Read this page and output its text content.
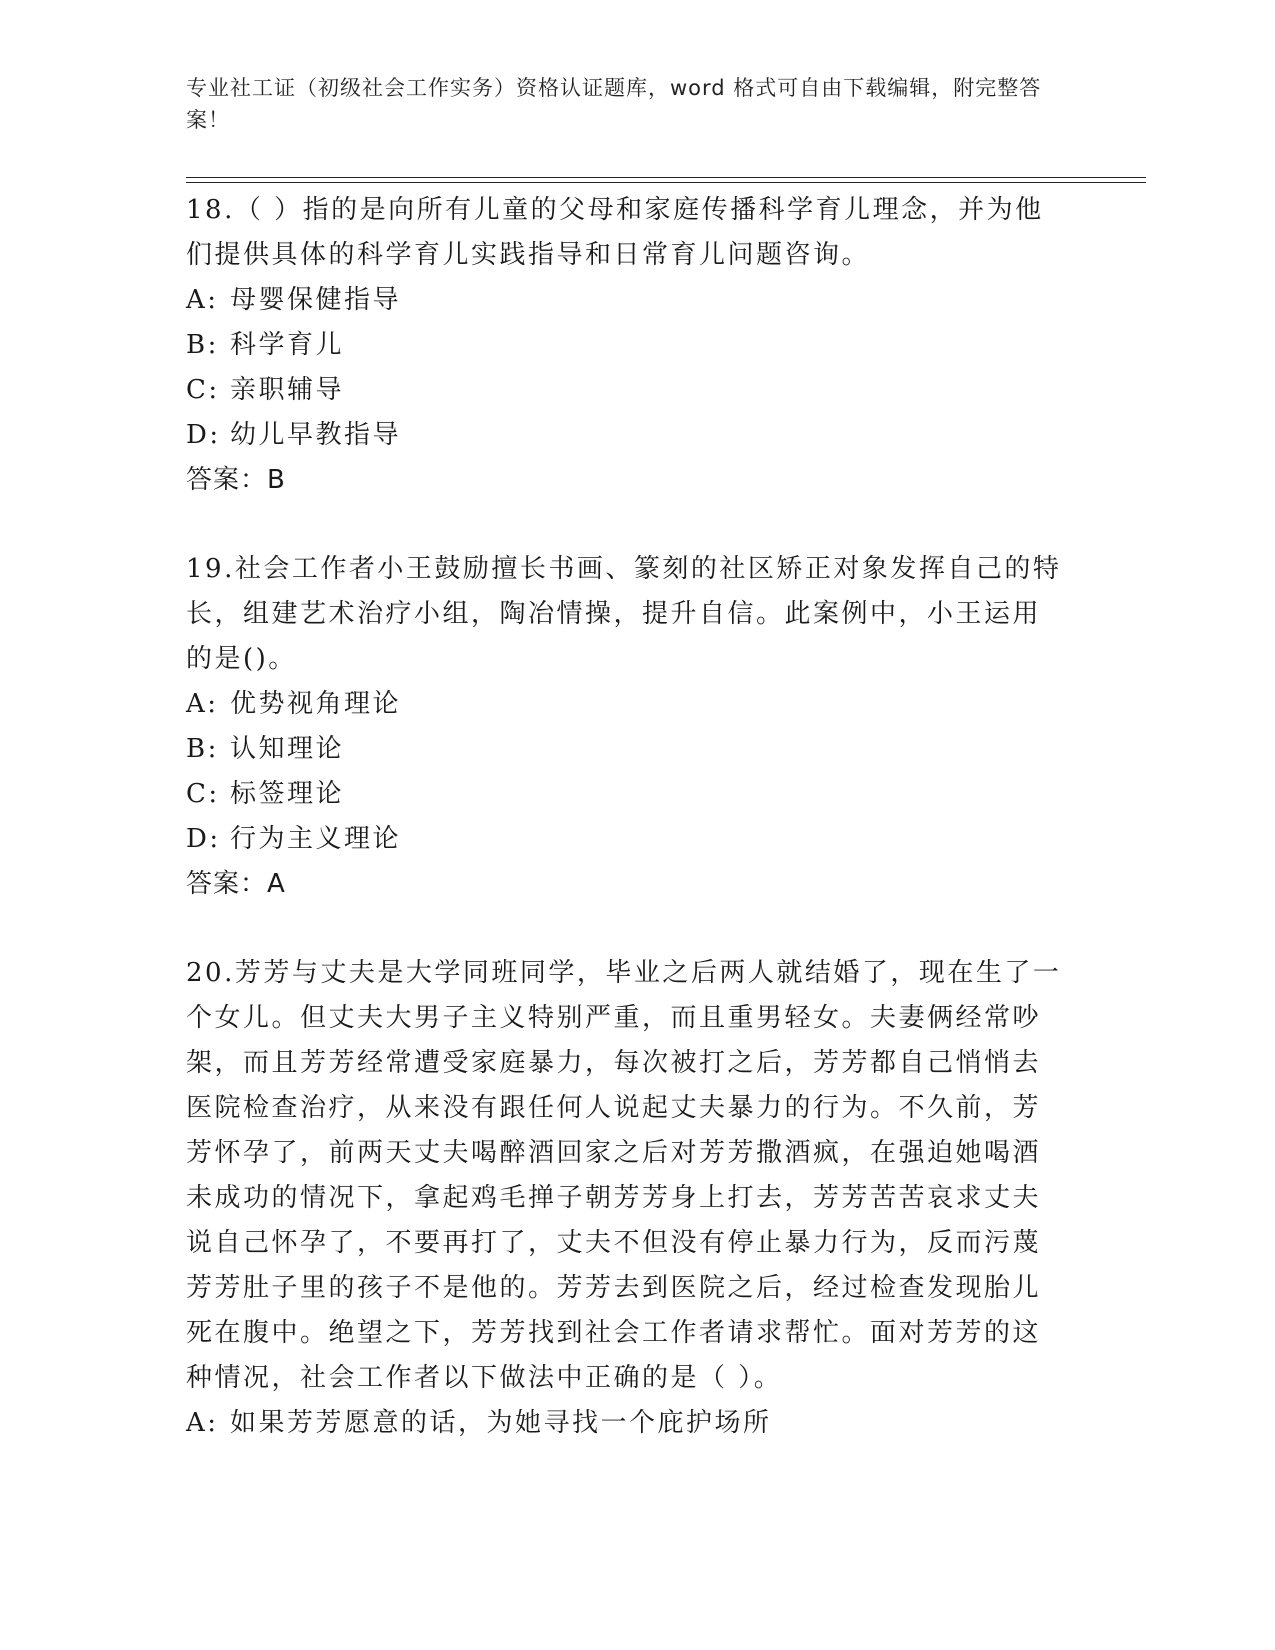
专业社工证（初级社会工作实务）资格认证题库，word 格式可自由下载编辑，附完整答案！

18.（ ）指的是向所有儿童的父母和家庭传播科学育儿理念，并为他们提供具体的科学育儿实践指导和日常育儿问题咨询。

A: 母婴保健指导
B: 科学育儿
C: 亲职辅导
D: 幼儿早教指导

答案：B

19.社会工作者小王鼓励擅长书画、篆刻的社区矫正对象发挥自己的特长，组建艺术治疗小组，陶冶情操，提升自信。此案例中，小王运用的是()。

A: 优势视角理论
B: 认知理论
C: 标签理论
D: 行为主义理论

答案：A

20.芳芳与丈夫是大学同班同学，毕业之后两人就结婚了，现在生了一个女儿。但丈夫大男子主义特别严重，而且重男轻女。夫妻俩经常吵架，而且芳芳经常遭受家庭暴力，每次被打之后，芳芳都自己悄悄去医院检查治疗，从来没有跟任何人说起丈夫暴力的行为。不久前，芳芳怀孕了，前两天丈夫喝醉酒回家之后对芳芳撒酒疯，在强迫她喝酒未成功的情况下，拿起鸡毛掸子朝芳芳身上打去，芳芳苦苦哀求丈夫说自己怀孕了，不要再打了，丈夫不但没有停止暴力行为，反而污蔑芳芳肚子里的孩子不是他的。芳芳去到医院之后，经过检查发现胎儿死在腹中。绝望之下，芳芳找到社会工作者请求帮忙。面对芳芳的这种情况，社会工作者以下做法中正确的是（ ）。

A: 如果芳芳愿意的话，为她寻找一个庇护场所
